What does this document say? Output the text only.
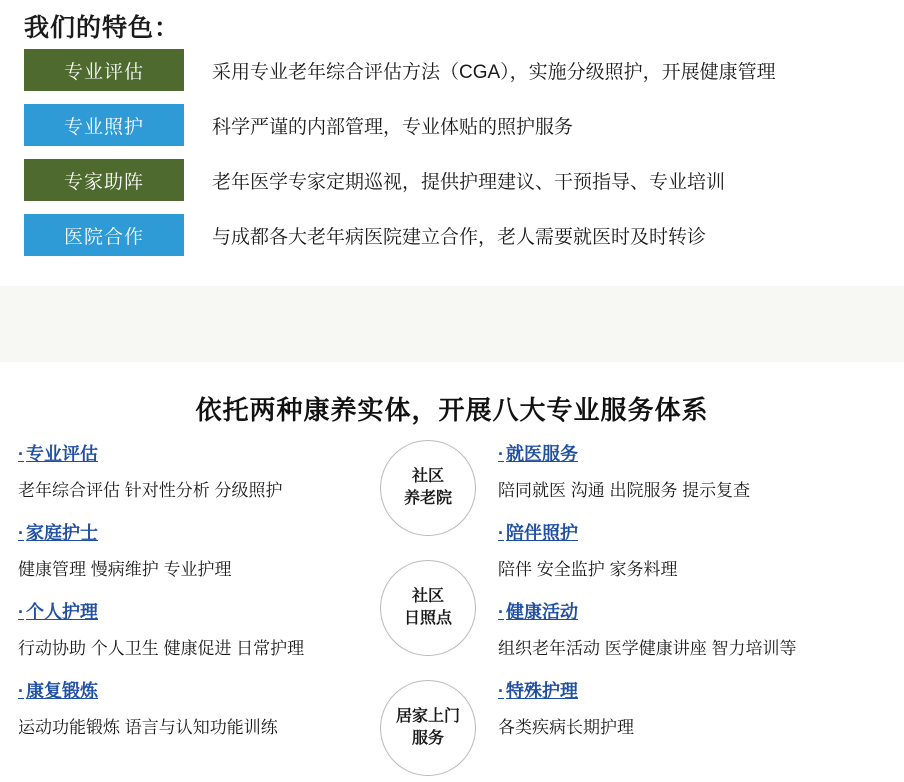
我们的特色：
专业评估	采用专业老年综合评估方法（CGA），实施分级照护，开展健康管理
专业照护	科学严谨的内部管理，专业体贴的照护服务
专家助阵	老年医学专家定期巡视，提供护理建议、干预指导、专业培训
医院合作	与成都各大老年病医院建立合作，老人需要就医时及时转诊
依托两种康养实体，开展八大专业服务体系
· 专业评估
老年综合评估 针对性分析 分级照护
· 家庭护士
健康管理 慢病维护 专业护理
· 个人护理
行动协助 个人卫生 健康促进 日常护理
· 康复锻炼
运动功能锻炼 语言与认知功能训练
· 就医服务
陪同就医 沟通 出院服务 提示复查
· 陪伴照护
陪伴 安全监护 家务料理
· 健康活动
组织老年活动 医学健康讲座 智力培训等
· 特殊护理
各类疾病长期护理
社区
养老院
社区
日照点
居家上门
服务
